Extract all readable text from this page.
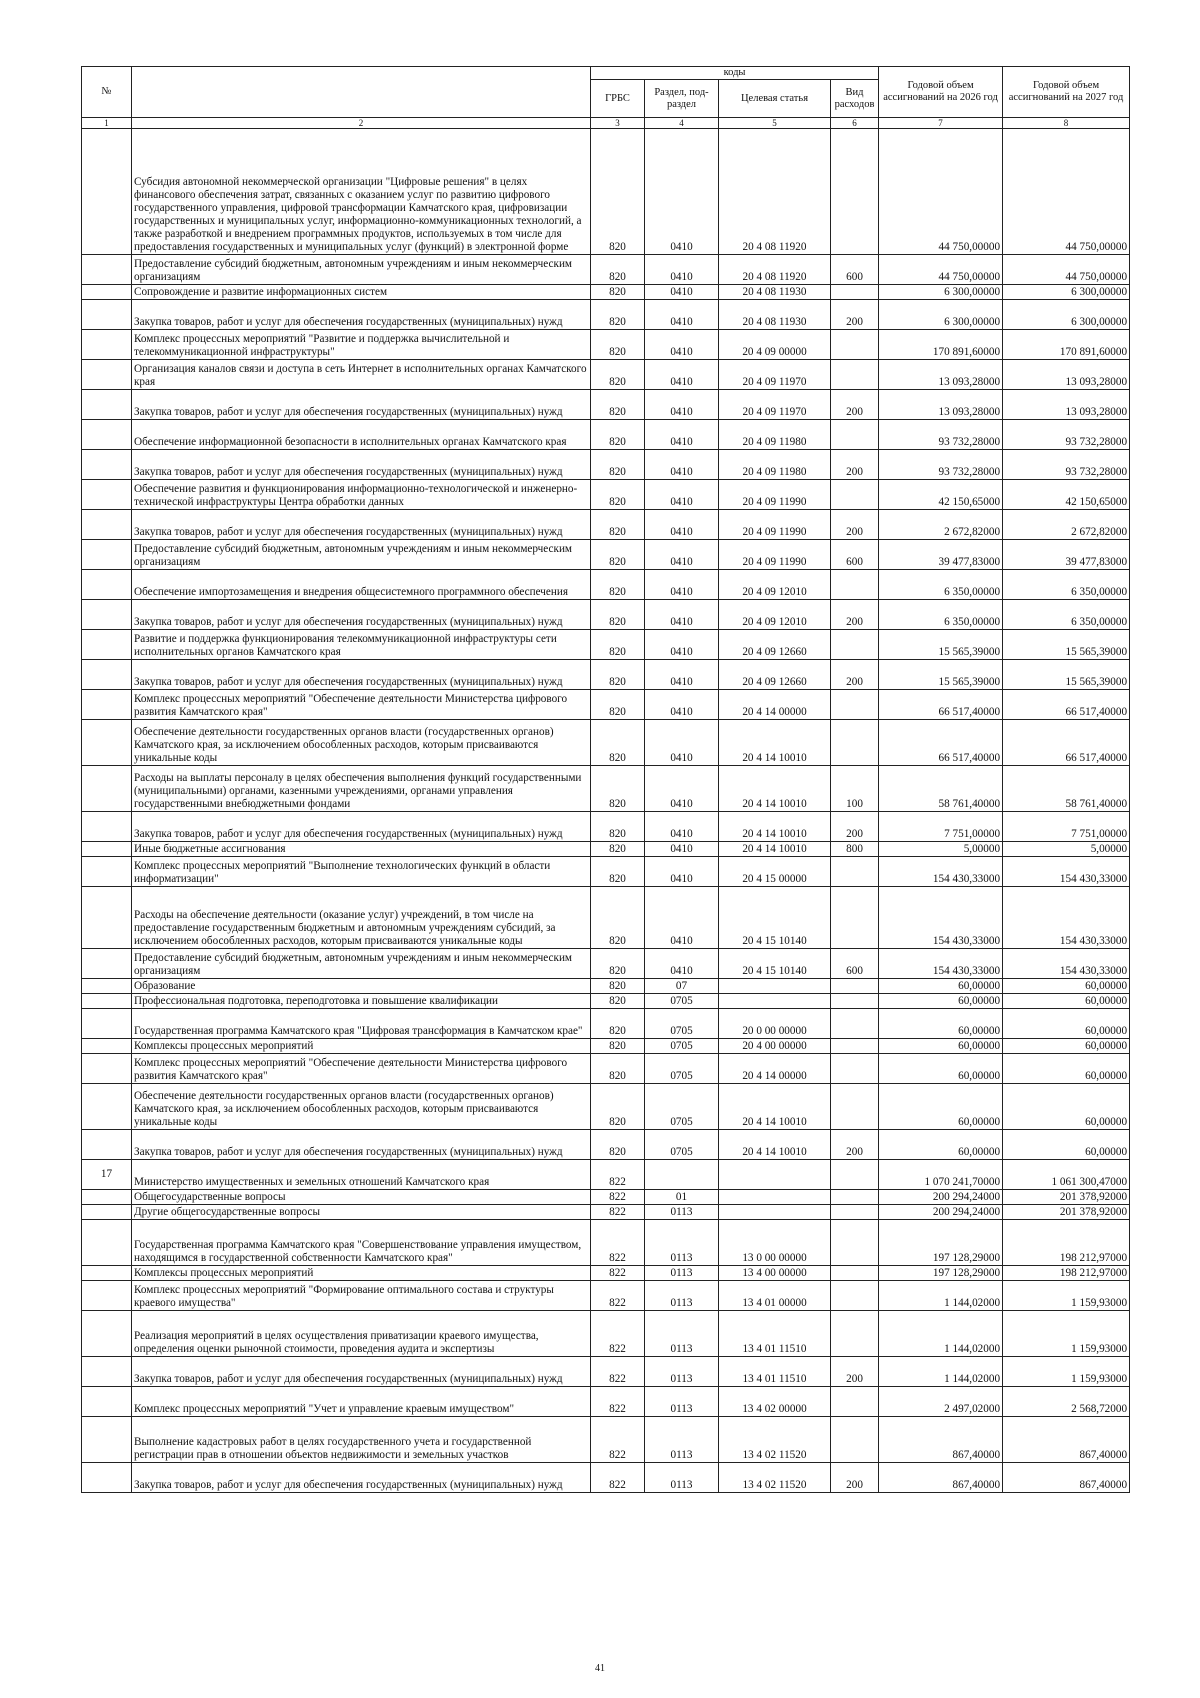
№		коды				Годовой объем ассигнований на 2026 год	Годовой объем ассигнований на 2027 год
		ГРБС	Раздел, под-раздел	Целевая статья	Вид расходов		
1	2	3	4	5	6	7	8
	Субсидия автономной некоммерческой организации "Цифровые решения" в целях финансового обеспечения затрат, связанных с оказанием услуг по развитию цифрового государственного управления, цифровой трансформации Камчатского края, цифровизации государственных и муниципальных услуг, информационно-коммуникационных технологий, а также разработкой и внедрением программных продуктов, используемых в том числе для предоставления государственных и муниципальных услуг (функций) в электронной форме	820	0410	20 4 08 11920		44 750,00000	44 750,00000
	Предоставление субсидий бюджетным, автономным учреждениям и иным некоммерческим организациям	820	0410	20 4 08 11920	600	44 750,00000	44 750,00000
	Сопровождение и развитие информационных систем	820	0410	20 4 08 11930		6 300,00000	6 300,00000
	Закупка товаров, работ и услуг для обеспечения государственных (муниципальных) нужд	820	0410	20 4 08 11930	200	6 300,00000	6 300,00000
	Комплекс процессных мероприятий "Развитие и поддержка вычислительной и телекоммуникационной инфраструктуры"	820	0410	20 4 09 00000		170 891,60000	170 891,60000
	Организация каналов связи и доступа в сеть Интернет в исполнительных органах Камчатского края	820	0410	20 4 09 11970		13 093,28000	13 093,28000
	Закупка товаров, работ и услуг для обеспечения государственных (муниципальных) нужд	820	0410	20 4 09 11970	200	13 093,28000	13 093,28000
	Обеспечение информационной безопасности в исполнительных органах Камчатского края	820	0410	20 4 09 11980		93 732,28000	93 732,28000
	Закупка товаров, работ и услуг для обеспечения государственных (муниципальных) нужд	820	0410	20 4 09 11980	200	93 732,28000	93 732,28000
	Обеспечение развития и функционирования информационно-технологической и инженерно-технической инфраструктуры Центра обработки данных	820	0410	20 4 09 11990		42 150,65000	42 150,65000
	Закупка товаров, работ и услуг для обеспечения государственных (муниципальных) нужд	820	0410	20 4 09 11990	200	2 672,82000	2 672,82000
	Предоставление субсидий бюджетным, автономным учреждениям и иным некоммерческим организациям	820	0410	20 4 09 11990	600	39 477,83000	39 477,83000
	Обеспечение импортозамещения и внедрения общесистемного программного обеспечения	820	0410	20 4 09 12010		6 350,00000	6 350,00000
	Закупка товаров, работ и услуг для обеспечения государственных (муниципальных) нужд	820	0410	20 4 09 12010	200	6 350,00000	6 350,00000
	Развитие и поддержка функционирования телекоммуникационной инфраструктуры сети исполнительных органов Камчатского края	820	0410	20 4 09 12660		15 565,39000	15 565,39000
	Закупка товаров, работ и услуг для обеспечения государственных (муниципальных) нужд	820	0410	20 4 09 12660	200	15 565,39000	15 565,39000
	Комплекс процессных мероприятий "Обеспечение деятельности Министерства цифрового развития Камчатского края"	820	0410	20 4 14 00000		66 517,40000	66 517,40000
	Обеспечение деятельности государственных органов власти (государственных органов) Камчатского края, за исключением обособленных расходов, которым присваиваются уникальные коды	820	0410	20 4 14 10010		66 517,40000	66 517,40000
	Расходы на выплаты персоналу в целях обеспечения выполнения функций государственными (муниципальными) органами, казенными учреждениями, органами управления государственными внебюджетными фондами	820	0410	20 4 14 10010	100	58 761,40000	58 761,40000
	Закупка товаров, работ и услуг для обеспечения государственных (муниципальных) нужд	820	0410	20 4 14 10010	200	7 751,00000	7 751,00000
	Иные бюджетные ассигнования	820	0410	20 4 14 10010	800	5,00000	5,00000
	Комплекс процессных мероприятий "Выполнение технологических функций в области информатизации"	820	0410	20 4 15 00000		154 430,33000	154 430,33000
	Расходы на обеспечение деятельности (оказание услуг) учреждений, в том числе на предоставление государственным бюджетным и автономным учреждениям субсидий, за исключением обособленных расходов, которым присваиваются уникальные коды	820	0410	20 4 15 10140		154 430,33000	154 430,33000
	Предоставление субсидий бюджетным, автономным учреждениям и иным некоммерческим организациям	820	0410	20 4 15 10140	600	154 430,33000	154 430,33000
	Образование	820	07			60,00000	60,00000
	Профессиональная подготовка, переподготовка и повышение квалификации	820	0705			60,00000	60,00000
	Государственная программа Камчатского края "Цифровая трансформация в Камчатском крае"	820	0705	20 0 00 00000		60,00000	60,00000
	Комплексы процессных мероприятий	820	0705	20 4 00 00000		60,00000	60,00000
	Комплекс процессных мероприятий "Обеспечение деятельности Министерства цифрового развития Камчатского края"	820	0705	20 4 14 00000		60,00000	60,00000
	Обеспечение деятельности государственных органов власти (государственных органов) Камчатского края, за исключением обособленных расходов, которым присваиваются уникальные коды	820	0705	20 4 14 10010		60,00000	60,00000
	Закупка товаров, работ и услуг для обеспечения государственных (муниципальных) нужд	820	0705	20 4 14 10010	200	60,00000	60,00000
17	Министерство имущественных и земельных отношений Камчатского края	822				1 070 241,70000	1 061 300,47000
	Общегосударственные вопросы	822	01			200 294,24000	201 378,92000
	Другие общегосударственные вопросы	822	0113			200 294,24000	201 378,92000
	Государственная программа Камчатского края "Совершенствование управления имуществом, находящимся в государственной собственности Камчатского края"	822	0113	13 0 00 00000		197 128,29000	198 212,97000
	Комплексы процессных мероприятий	822	0113	13 4 00 00000		197 128,29000	198 212,97000
	Комплекс процессных мероприятий "Формирование оптимального состава и структуры краевого имущества"	822	0113	13 4 01 00000		1 144,02000	1 159,93000
	Реализация мероприятий в целях осуществления приватизации краевого имущества, определения оценки рыночной стоимости, проведения аудита и экспертизы	822	0113	13 4 01 11510		1 144,02000	1 159,93000
	Закупка товаров, работ и услуг для обеспечения государственных (муниципальных) нужд	822	0113	13 4 01 11510	200	1 144,02000	1 159,93000
	Комплекс процессных мероприятий "Учет и управление краевым имуществом"	822	0113	13 4 02 00000		2 497,02000	2 568,72000
	Выполнение кадастровых работ в целях государственного учета и государственной регистрации прав в отношении объектов недвижимости и земельных участков	822	0113	13 4 02 11520		867,40000	867,40000
	Закупка товаров, работ и услуг для обеспечения государственных (муниципальных) нужд	822	0113	13 4 02 11520	200	867,40000	867,40000
41
